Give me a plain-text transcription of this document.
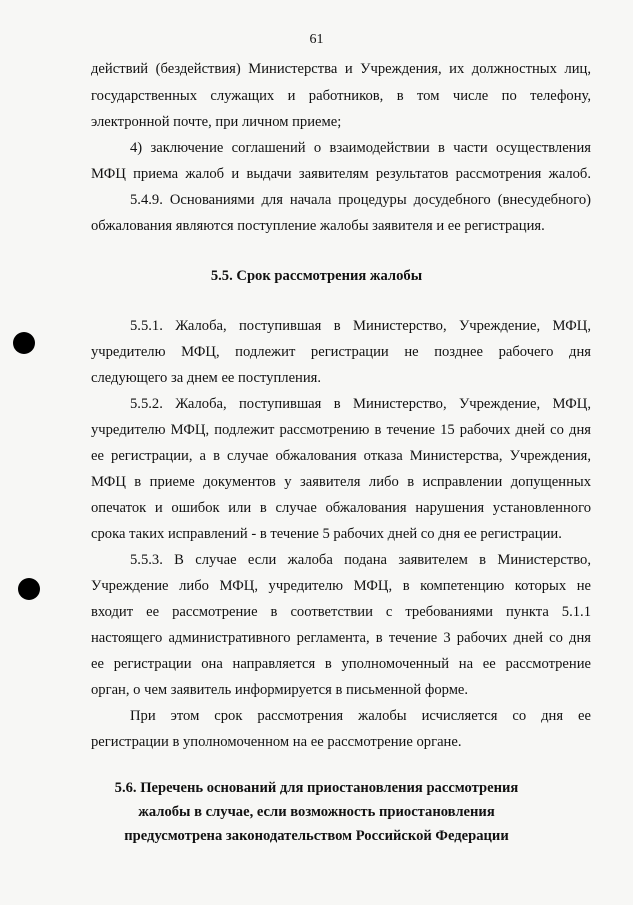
61
действий (бездействия) Министерства и Учреждения, их должностных лиц,
государственных служащих и работников, в том числе по телефону,
электронной почте, при личном приеме;
4) заключение соглашений о взаимодействии в части осуществления
МФЦ приема жалоб и выдачи заявителям результатов рассмотрения жалоб.
5.4.9. Основаниями для начала процедуры досудебного (внесудебного)
обжалования являются поступление жалобы заявителя и ее регистрация.
5.5. Срок рассмотрения жалобы
5.5.1. Жалоба, поступившая в Министерство, Учреждение, МФЦ,
учредителю МФЦ, подлежит регистрации не позднее рабочего дня
следующего за днем ее поступления.
5.5.2. Жалоба, поступившая в Министерство, Учреждение, МФЦ,
учредителю МФЦ, подлежит рассмотрению в течение 15 рабочих дней со дня
ее регистрации, а в случае обжалования отказа Министерства, Учреждения,
МФЦ в приеме документов у заявителя либо в исправлении допущенных
опечаток и ошибок или в случае обжалования нарушения установленного
срока таких исправлений - в течение 5 рабочих дней со дня ее регистрации.
5.5.3. В случае если жалоба подана заявителем в Министерство,
Учреждение либо МФЦ, учредителю МФЦ, в компетенцию которых не
входит ее рассмотрение в соответствии с требованиями пункта 5.1.1
настоящего административного регламента, в течение 3 рабочих дней со дня
ее регистрации она направляется в уполномоченный на ее рассмотрение
орган, о чем заявитель информируется в письменной форме.
При этом срок рассмотрения жалобы исчисляется со дня ее
регистрации в уполномоченном на ее рассмотрение органе.
5.6. Перечень оснований для приостановления рассмотрения
жалобы в случае, если возможность приостановления
предусмотрена законодательством Российской Федерации
